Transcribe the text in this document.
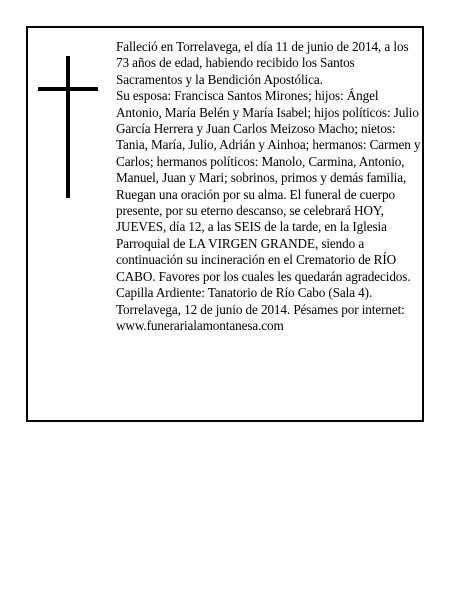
Falleció en Torrelavega, el día 11 de junio de 2014, a los 73 años de edad, habiendo recibido los Santos Sacramentos y la Bendición Apostólica.

Su esposa: Francisca Santos Mirones; hijos: Ángel Antonio, María Belén y María Isabel; hijos políticos: Julio García Herrera y Juan Carlos Meizoso Macho; nietos: Tania, María, Julio, Adrián y Ainhoa; hermanos: Carmen y Carlos; hermanos políticos: Manolo, Carmina, Antonio, Manuel, Juan y Mari; sobrinos, primos y demás familia,

Ruegan una oración por su alma. El funeral de cuerpo presente, por su eterno descanso, se celebrará HOY, JUEVES, día 12, a las SEIS de la tarde, en la Iglesia Parroquial de LA VIRGEN GRANDE, siendo a continuación su incineración en el Crematorio de RÍO CABO. Favores por los cuales les quedarán agradecidos. Capilla Ardiente: Tanatorio de Río Cabo (Sala 4).

Torrelavega, 12 de junio de 2014. Pésames por internet: www.funerarialamontanesa.com
